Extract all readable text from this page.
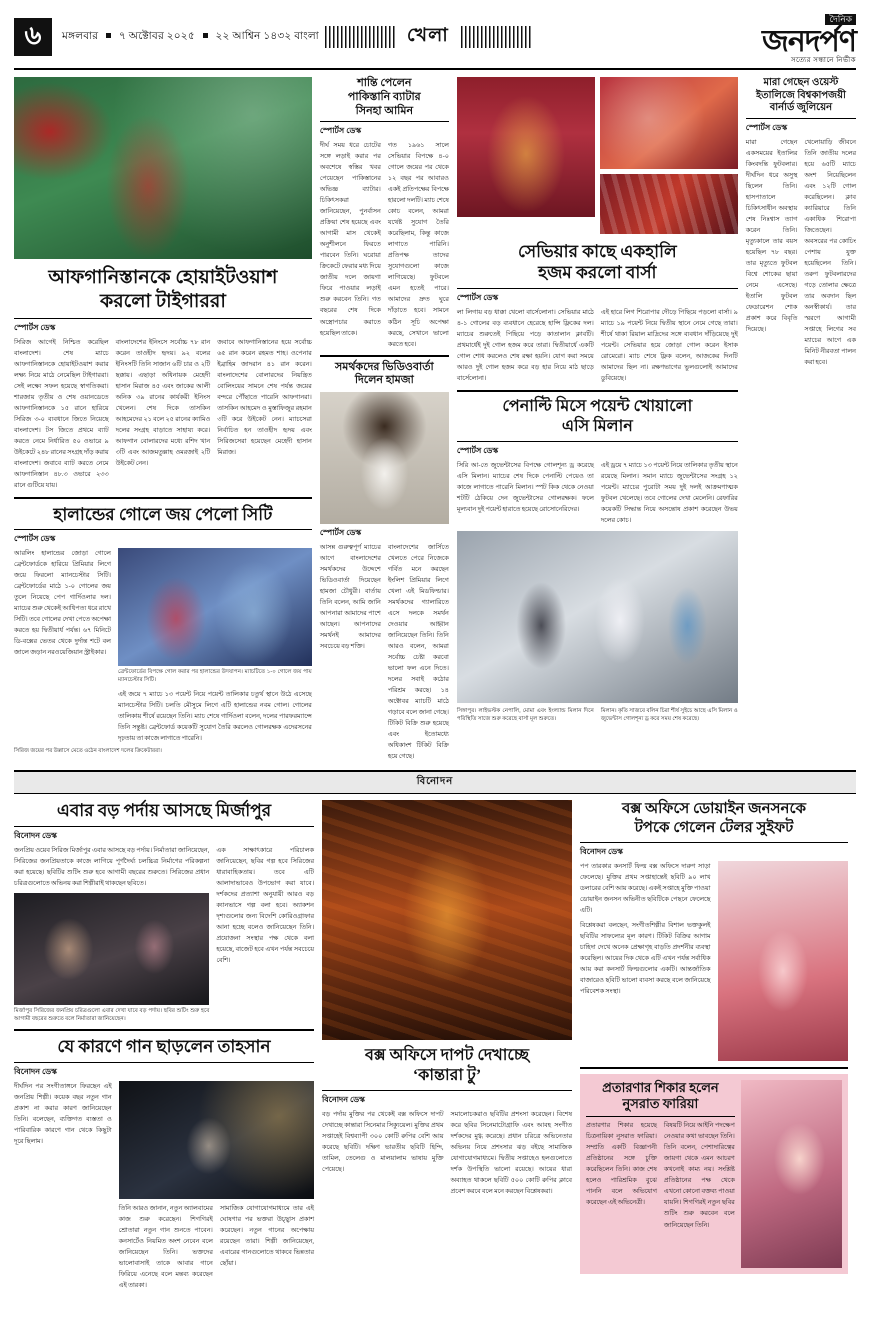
৬	মঙ্গলবার ৭ অক্টোবর ২০২৫ ২২ আশ্বিন ১৪৩২ বাংলা	খেলা
দৈনিক
জনদর্পণ
সত্যের সন্ধানে নির্ভীক
আফগানিস্তানকে হোয়াইটওয়াশ
করলো টাইগাররা
স্পোর্টস ডেস্ক
সিরিজ আগেই নিশ্চিত করেছিল বাংলাদেশ। শেষ ম্যাচে আফগানিস্তানকে হোয়াইটওয়াশ করার লক্ষ্য নিয়ে মাঠে নেমেছিল টাইগাররা। সেই লক্ষ্যে সফল হয়েছে স্বাগতিকরা। শারজায় তৃতীয় ও শেষ ওয়ানডেতে আফগানিস্তানকে ১৫ রানে হারিয়ে সিরিজ ৩-০ ব্যবধানে জিতে নিয়েছে বাংলাদেশ। টস জিতে প্রথমে ব্যাট করতে নেমে নির্ধারিত ৫০ ওভারে ৯ উইকেটে ২৪৮ রানের সংগ্রহ দাঁড় করায় বাংলাদেশ। জবাবে ব্যাট করতে নেমে আফগানিস্তান ৪৮.৩ ওভারে ২৩৩ রানে গুটিয়ে যায়।
বাংলাদেশের ইনিংসে সর্বোচ্চ ৭৮ রান করেন তাওহীদ হৃদয়। ৯২ বলের ইনিংসটি তিনি সাজান ৬টি চার ও ২টি ছক্কায়। এছাড়া অধিনায়ক মেহেদী হাসান মিরাজ ৪৫ এবং জাকের আলী অনিক ৩৯ রানের কার্যকরী ইনিংস খেলেন। শেষ দিকে তাসকিন আহমেদের ২১ বলে ২৫ রানের ক্যামিও দলের সংগ্রহ বাড়াতে সাহায্য করে। আফগান বোলারদের মধ্যে রশিদ খান ৩টি এবং আজমতুল্লাহ ওমরজাই ২টি উইকেট নেন।
জবাবে আফগানিস্তানের হয়ে সর্বোচ্চ ৬৫ রান করেন রহমত শাহ। ওপেনার ইব্রাহিম জাদরান ৪১ রান করেন। বাংলাদেশের বোলারদের নিয়ন্ত্রিত বোলিংয়ের সামনে শেষ পর্যন্ত জয়ের বন্দরে পৌঁছাতে পারেনি আফগানরা। তাসকিন আহমেদ ও মুস্তাফিজুর রহমান ৩টি করে উইকেট নেন। ম্যাচসেরা নির্বাচিত হন তাওহীদ হৃদয় এবং সিরিজসেরা হয়েছেন মেহেদী হাসান মিরাজ।
হালান্ডের গোলে জয় পেলো সিটি
স্পোর্টস ডেস্ক
আরলিং হালান্ডের জোড়া গোলে ব্রেন্টফোর্ডকে হারিয়ে প্রিমিয়ার লিগে জয়ে ফিরলো ম্যানচেস্টার সিটি। ব্রেন্টফোর্ডের মাঠে ১-০ গোলের জয় তুলে নিয়েছে পেপ গার্দিওলার দল। ম্যাচের শুরু থেকেই আধিপত্য ধরে রাখে সিটি। তবে গোলের দেখা পেতে অপেক্ষা করতে হয় দ্বিতীয়ার্ধ পর্যন্ত। ৬৭ মিনিটে ডি-বক্সের ভেতর থেকে দুর্দান্ত শটে বল জালে জড়ান নরওয়েজিয়ান স্ট্রাইকার।
ব্রেন্টফোর্ডের বিপক্ষে গোল করার পর হালান্ডের উদযাপন। ম্যাচটিতে ১-০ গোলে জয় পায় ম্যানচেস্টার সিটি।
এই জয়ে ৭ ম্যাচে ১৩ পয়েন্ট নিয়ে পয়েন্ট তালিকার চতুর্থ স্থানে উঠে এসেছে ম্যানচেস্টার সিটি। চলতি মৌসুমে লিগে এটি হালান্ডের নবম গোল। গোলের তালিকায় শীর্ষে রয়েছেন তিনি। ম্যাচ শেষে গার্দিওলা বলেন, দলের পারফরম্যান্সে তিনি সন্তুষ্ট। ব্রেন্টফোর্ড কয়েকটি সুযোগ তৈরি করলেও গোলরক্ষক এদেরসনের দৃঢ়তায় তা কাজে লাগাতে পারেনি।
সিরিজ জয়ের পর উল্লাসে মেতে ওঠেন বাংলাদেশ দলের ক্রিকেটাররা।
শান্তি পেলেন
পাকিস্তানি ব্যাটার
সিনহা আমিন
স্পোর্টস ডেস্ক
দীর্ঘ সময় ধরে চোটের সঙ্গে লড়াই করার পর অবশেষে স্বস্তির খবর পেয়েছেন পাকিস্তানের অভিজ্ঞ ব্যাটার। চিকিৎসকরা জানিয়েছেন, পুনর্বাসন প্রক্রিয়া শেষ হয়েছে এবং আগামী মাস থেকেই অনুশীলনে ফিরতে পারবেন তিনি। ঘরোয়া ক্রিকেটে ফেরার মধ্য দিয়ে জাতীয় দলে জায়গা ফিরে পাওয়ার লড়াই শুরু করবেন তিনি। গত বছরের শেষ দিকে অস্ত্রোপচার করাতে হয়েছিল তাকে।
গত ১৯৬১ সালে সেভিয়ার বিপক্ষে ৪-০ গোলে জয়ের পর থেকে ১২ বছর পর আবারও একই প্রতিপক্ষের বিপক্ষে হারলো দলটি। ম্যাচ শেষে কোচ বলেন, আমরা যথেষ্ট সুযোগ তৈরি করেছিলাম, কিন্তু কাজে লাগাতে পারিনি। প্রতিপক্ষ তাদের সুযোগগুলো কাজে লাগিয়েছে। ফুটবলে এমন হতেই পারে। আমাদের দ্রুত ঘুরে দাঁড়াতে হবে। সামনে কঠিন সূচি অপেক্ষা করছে, সেখানে ভালো করতে হবে।
সমর্থকদের ভিডিওবার্তা
দিলেন হামজা
স্পোর্টস ডেস্ক
আসন্ন গুরুত্বপূর্ণ ম্যাচের আগে বাংলাদেশের সমর্থকদের উদ্দেশে ভিডিওবার্তা দিয়েছেন হামজা চৌধুরী। বার্তায় তিনি বলেন, আমি জানি আপনারা আমাদের পাশে আছেন। আপনাদের সমর্থনই আমাদের সবচেয়ে বড় শক্তি।
বাংলাদেশের জার্সিতে খেলতে পেরে নিজেকে গর্বিত মনে করছেন ইংলিশ প্রিমিয়ার লিগে খেলা এই মিডফিল্ডার। সমর্থকদের গ্যালারিতে এসে দলকে সমর্থন দেওয়ার আহ্বান জানিয়েছেন তিনি। তিনি আরও বলেন, আমরা সর্বোচ্চ চেষ্টা করবো ভালো ফল এনে দিতে। দলের সবাই কঠোর পরিশ্রম করছে। ১৪ অক্টোবর ম্যাচটি মাঠে গড়াবে বলে জানা গেছে। টিকিট বিক্রি শুরু হয়েছে এবং ইতোমধ্যে অধিকাংশ টিকিট বিক্রি হয়ে গেছে।
সেভিয়ার কাছে একহালি
হজম করলো বার্সা
স্পোর্টস ডেস্ক
লা লিগায় বড় ধাক্কা খেলো বার্সেলোনা। সেভিয়ার মাঠে ৪-১ গোলের বড় ব্যবধানে হেরেছে হান্সি ফ্লিকের দল। ম্যাচের শুরুতেই পিছিয়ে পড়ে কাতালান ক্লাবটি। প্রথমার্ধেই দুই গোল হজম করে তারা। দ্বিতীয়ার্ধে একটি গোল শোধ করলেও শেষ রক্ষা হয়নি। যোগ করা সময়ে আরও দুই গোল হজম করে বড় হার নিয়ে মাঠ ছাড়ে বার্সেলোনা।
এই হারে লিগ শিরোপার দৌড়ে পিছিয়ে পড়লো বার্সা। ৯ ম্যাচে ১৯ পয়েন্ট নিয়ে দ্বিতীয় স্থানে নেমে গেছে তারা। শীর্ষে থাকা রিয়াল মাদ্রিদের সঙ্গে ব্যবধান দাঁড়িয়েছে দুই পয়েন্ট। সেভিয়ার হয়ে জোড়া গোল করেন ইসাক রোমেরো। ম্যাচ শেষে ফ্লিক বলেন, আজকের দিনটি আমাদের ছিল না। রক্ষণভাগের ভুলগুলোই আমাদের ডুবিয়েছে।
পেনাল্টি মিসে পয়েন্ট খোয়ালো
এসি মিলান
স্পোর্টস ডেস্ক
সিরি আ-তে জুভেন্টাসের বিপক্ষে গোলশূন্য ড্র করেছে এসি মিলান। ম্যাচের শেষ দিকে পেনাল্টি পেয়েও তা কাজে লাগাতে পারেনি মিলান। স্পট কিক থেকে নেওয়া শটটি ঠেকিয়ে দেন জুভেন্টাসের গোলরক্ষক। ফলে মূল্যবান দুই পয়েন্ট হারাতে হয়েছে রোসোনেরিদের।
এই ড্রয়ে ৭ ম্যাচে ১৩ পয়েন্ট নিয়ে তালিকার তৃতীয় স্থানে রয়েছে মিলান। সমান ম্যাচে জুভেন্টাসের সংগ্রহ ১২ পয়েন্ট। ম্যাচের পুরোটা সময় দুই দলই আক্রমণাত্মক ফুটবল খেলেছে। তবে গোলের দেখা মেলেনি। রেফারির কয়েকটি সিদ্ধান্ত নিয়ে অসন্তোষ প্রকাশ করেছেন উভয় দলের কোচ।
সিঙ্গাপুর। লাইভস্টক নেপালি, মোমা এবং ইংল্যান্ড মিলান দিনে পরিস্থিতি সাজে শুরু করেছে বার্সা মূল শুরুতে।
মিলান। কৃতি সাজবে বলিন চিরা শীর্ষ সুইচে আছে এসি মিলান ও জুভেন্টাস গোলশূন্য ড্র করে সময় শেষ করেছে।
মারা গেছেন ওয়েস্ট
ইতালিজে বিশ্বকাপজয়ী
বার্নার্ড জুলিয়েন
স্পোর্টস ডেস্ক
মারা গেছেন একসময়ের ইতালির কিংবদন্তি ফুটবলার। দীর্ঘদিন ধরে অসুস্থ ছিলেন তিনি। হাসপাতালে চিকিৎসাধীন অবস্থায় শেষ নিঃশ্বাস ত্যাগ করেন তিনি। মৃত্যুকালে তার বয়স হয়েছিল ৭৮ বছর। তার মৃত্যুতে ফুটবল বিশ্বে শোকের ছায়া নেমে এসেছে। ইতালি ফুটবল ফেডারেশন শোক প্রকাশ করে বিবৃতি দিয়েছে।
খেলোয়াড়ি জীবনে তিনি জাতীয় দলের হয়ে ৬৫টি ম্যাচে অংশ নিয়েছিলেন এবং ১২টি গোল করেছিলেন। ক্লাব ক্যারিয়ারে তিনি একাধিক শিরোপা জিতেছেন। অবসরের পর কোচিং পেশায় যুক্ত হয়েছিলেন তিনি। তরুণ ফুটবলারদের গড়ে তোলার ক্ষেত্রে তার অবদান ছিল অনস্বীকার্য। তার স্মরণে আগামী সপ্তাহে লিগের সব ম্যাচের আগে এক মিনিট নীরবতা পালন করা হবে।
বিনোদন
এবার বড় পর্দায় আসছে মির্জাপুর
বিনোদন ডেস্ক
জনপ্রিয় ওয়েব সিরিজ মির্জাপুর এবার আসছে বড় পর্দায়। নির্মাতারা জানিয়েছেন, সিরিজের জনপ্রিয়তাকে কাজে লাগিয়ে পূর্ণদৈর্ঘ্য চলচ্চিত্র নির্মাণের পরিকল্পনা করা হয়েছে। ছবিটির শুটিং শুরু হবে আগামী বছরের শুরুতে। সিরিজের প্রধান চরিত্রগুলোতে অভিনয় করা শিল্পীরাই থাকছেন ছবিতে।
মির্জাপুর সিরিজের জনপ্রিয় চরিত্রগুলো এবার দেখা যাবে বড় পর্দায়। ছবির শুটিং শুরু হবে আগামী বছরের শুরুতে বলে নির্মাতারা জানিয়েছেন।
এক সাক্ষাৎকারে পরিচালক জানিয়েছেন, ছবির গল্প হবে সিরিজের ধারাবাহিকতায়। তবে এটি আলাদাভাবেও উপভোগ করা যাবে। দর্শকদের প্রত্যাশা অনুযায়ী আরও বড় ক্যানভাসে গল্প বলা হবে। অ্যাকশন দৃশ্যগুলোর জন্য বিদেশি কোরিওগ্রাফার আনা হচ্ছে বলেও জানিয়েছেন তিনি। প্রযোজনা সংস্থার পক্ষ থেকে বলা হয়েছে, বাজেট হবে এখন পর্যন্ত সবচেয়ে বেশি।
যে কারণে গান ছাড়লেন তাহসান
বিনোদন ডেস্ক
দীর্ঘদিন পর সংগীতাঙ্গনে ফিরছেন এই জনপ্রিয় শিল্পী। কয়েক বছর নতুন গান প্রকাশ না করার কারণ জানিয়েছেন তিনি। বলেছেন, ব্যক্তিগত ব্যস্ততা ও পারিবারিক কারণে গান থেকে কিছুটা দূরে ছিলাম।
তিনি আরও জানান, নতুন অ্যালবামের কাজ শুরু করেছেন। শিগগিরই শ্রোতারা নতুন গান শুনতে পাবেন। কনসার্টেও নিয়মিত অংশ নেবেন বলে জানিয়েছেন তিনি। ভক্তদের ভালোবাসাই তাকে আবার গানে ফিরিয়ে এনেছে বলে মন্তব্য করেছেন এই তারকা।
সামাজিক যোগাযোগমাধ্যমে তার এই ঘোষণার পর ভক্তরা উচ্ছ্বাস প্রকাশ করেছেন। নতুন গানের অপেক্ষায় রয়েছেন তারা। শিল্পী জানিয়েছেন, এবারের গানগুলোতে থাকবে ভিন্নতার ছোঁয়া।
বক্স অফিসে দাপট দেখাচ্ছে
‘কান্তারা টু’
বিনোদন ডেস্ক
বড় পর্দায় মুক্তির পর থেকেই বক্স অফিসে দাপট দেখাচ্ছে কান্তারা সিনেমার সিক্যুয়েল। মুক্তির প্রথম সপ্তাহেই বিশ্বব্যাপী ৩০০ কোটি রুপির বেশি আয় করেছে ছবিটি। দক্ষিণ ভারতীয় ছবিটি হিন্দি, তামিল, তেলেগু ও মালয়ালাম ভাষায় মুক্তি পেয়েছে।
সমালোচকরাও ছবিটির প্রশংসা করেছেন। বিশেষ করে ছবির সিনেমাটোগ্রাফি এবং আবহ সংগীত দর্শকদের মুগ্ধ করেছে। প্রধান চরিত্রে অভিনেতার অভিনয় নিয়ে প্রশংসার ঝড় বইছে সামাজিক যোগাযোগমাধ্যমে। দ্বিতীয় সপ্তাহেও হলগুলোতে দর্শক উপস্থিতি ভালো রয়েছে। আয়ের ধারা অব্যাহত থাকলে ছবিটি ৫০০ কোটি রুপির ক্লাবে প্রবেশ করবে বলে মনে করছেন বিশ্লেষকরা।
বক্স অফিসে ডোয়াইন জনসনকে
টপকে গেলেন টেলর সুইফট
বিনোদন ডেস্ক
পপ তারকার কনসার্ট ফিল্ম বক্স অফিসে দারুণ সাড়া ফেলেছে। মুক্তির প্রথম সপ্তাহান্তেই ছবিটি ৯০ লাখ ডলারের বেশি আয় করেছে। একই সপ্তাহে মুক্তি পাওয়া ডোয়াইন জনসন অভিনীত ছবিটিকে পেছনে ফেলেছে এটি।
বিশ্লেষকরা বলছেন, সংগীতশিল্পীর বিশাল ভক্তকুলই ছবিটির সাফল্যের মূল কারণ। টিকিট বিক্রির আগাম চাহিদা দেখে অনেক প্রেক্ষাগৃহ বাড়তি প্রদর্শনীর ব্যবস্থা করেছিল। আয়ের দিক থেকে এটি এখন পর্যন্ত সর্বাধিক আয় করা কনসার্ট ফিল্মগুলোর একটি। আন্তর্জাতিক বাজারেও ছবিটি ভালো ব্যবসা করছে বলে জানিয়েছে পরিবেশক সংস্থা।
প্রতারণার শিকার হলেন
নুসরাত ফারিয়া
প্রতারণার শিকার হয়েছে চিত্রনায়িকা নুসরাত ফারিয়া। সম্প্রতি একটি বিজ্ঞাপনী প্রতিষ্ঠানের সঙ্গে চুক্তি করেছিলেন তিনি। কাজ শেষ হলেও পারিশ্রমিক বুঝে পাননি বলে অভিযোগ করেছেন এই অভিনেত্রী।
বিষয়টি নিয়ে আইনি পদক্ষেপ নেওয়ার কথা ভাবছেন তিনি। তিনি বলেন, পেশাদারিত্বের জায়গা থেকে এমন আচরণ কখনোই কাম্য নয়। সংশ্লিষ্ট প্রতিষ্ঠানের পক্ষ থেকে এখনো কোনো বক্তব্য পাওয়া যায়নি। শিগগিরই নতুন ছবির শুটিং শুরু করবেন বলে জানিয়েছেন তিনি।
